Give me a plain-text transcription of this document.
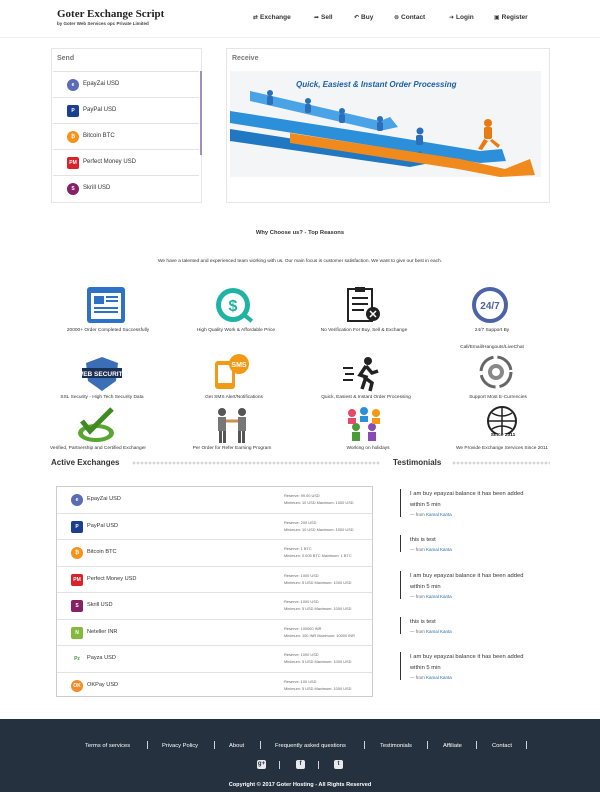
Goter Exchange Script
by Goter Web Services opc Private Limited
⇄ Exchange	➦ Sell	↶ Buy	⊚ Contact	➜ Login	▣ Register
Send
e	EpayZai USD
P	PayPal USD
₿	Bitcoin BTC
PM	Perfect Money USD
S	Skrill USD
Receive
Quick, Easiest & Instant Order Processing
Why Choose us? - Top Reasons
We have a talented and experienced team working with us. Our main focus is customer satisfaction. We want to give our best in each.
$	24/7
20000+ Order Completed Successfully	High Quality Work & Affordable Price	No Verification For Buy, Sell & Exchange	24/7 Support By
Call/Email/Hangouts/LiveChat
WEB SECURITY
SMS
SSL Security - High Tech Security Data	Get SMS Alert/Notifications	Quick, Easiest & Instant Order Processing	Support Most E-Currencies
Since 2011
Verified, Partnership and Certified Exchanger	Per Order for Refer Earning Program	Working on holidays	We Provide Exchange Services Since 2011
Active Exchanges
e	EpayZai USD
Reserve: 99.00 USD
Minimum: 10 USD Maximum: 1000 USD
P	PayPal USD
Reserve: 200 USD
Minimum: 10 USD Maximum: 1000 USD
₿	Bitcoin BTC
Reserve: 1 BTC
Minimum: 0.005 BTC Maximum: 1 BTC
PM	Perfect Money USD
Reserve: 1000 USD
Minimum: 5 USD Maximum: 1000 USD
S	Skrill USD
Reserve: 1000 USD
Minimum: 5 USD Maximum: 1000 USD
N	Neteller INR
Reserve: 100000 INR
Minimum: 100 INR Maximum: 10000 INR
Pz	Payza USD
Reserve: 1000 USD
Minimum: 5 USD Maximum: 1000 USD
OK	OKPay USD
Reserve: 100 USD
Minimum: 5 USD Maximum: 1000 USD
Testimonials
I am buy epayzai balance it has been added within 5 min
— from Kamal Kanta
this is test
— from Kamal Kanta
I am buy epayzai balance it has been added within 5 min
— from Kamal Kanta
this is test
— from Kamal Kanta
I am buy epayzai balance it has been added within 5 min
— from Kamal Kanta
Terms of services	Privacy Policy	About	Frequently asked questions	Testimonials	Affiliate	Contact
g+	f	t
Copyright © 2017 Goter Hosting - All Rights Reserved
